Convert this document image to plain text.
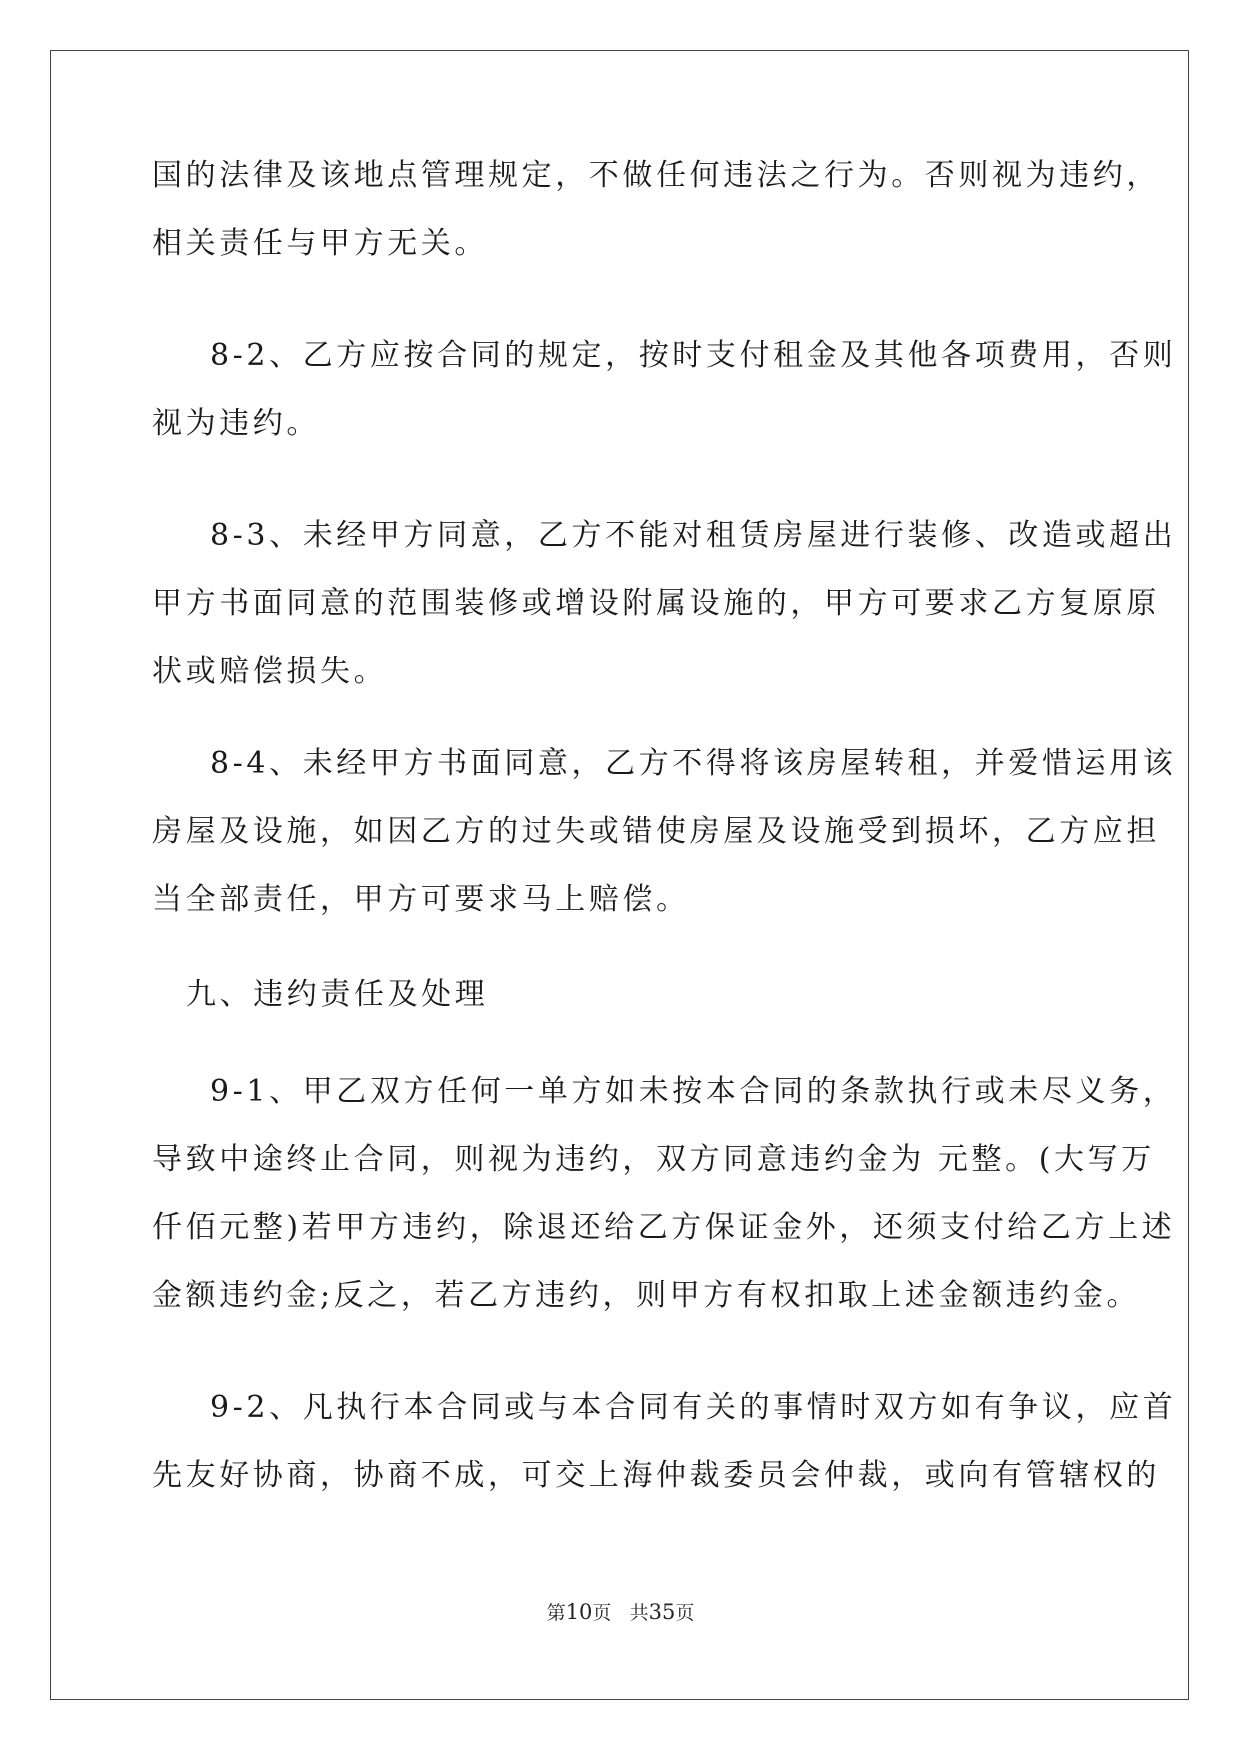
国的法律及该地点管理规定，不做任何违法之行为。否则视为违约，
相关责任与甲方无关。
8-2、乙方应按合同的规定，按时支付租金及其他各项费用，否则
视为违约。
8-3、未经甲方同意，乙方不能对租赁房屋进行装修、改造或超出
甲方书面同意的范围装修或增设附属设施的，甲方可要求乙方复原原
状或赔偿损失。
8-4、未经甲方书面同意，乙方不得将该房屋转租，并爱惜运用该
房屋及设施，如因乙方的过失或错使房屋及设施受到损坏，乙方应担
当全部责任，甲方可要求马上赔偿。
九、违约责任及处理
9-1、甲乙双方任何一单方如未按本合同的条款执行或未尽义务，
导致中途终止合同，则视为违约，双方同意违约金为 元整。(大写万
仟佰元整)若甲方违约，除退还给乙方保证金外，还须支付给乙方上述
金额违约金;反之，若乙方违约，则甲方有权扣取上述金额违约金。
9-2、凡执行本合同或与本合同有关的事情时双方如有争议，应首
先友好协商，协商不成，可交上海仲裁委员会仲裁，或向有管辖权的
第10页 共35页
